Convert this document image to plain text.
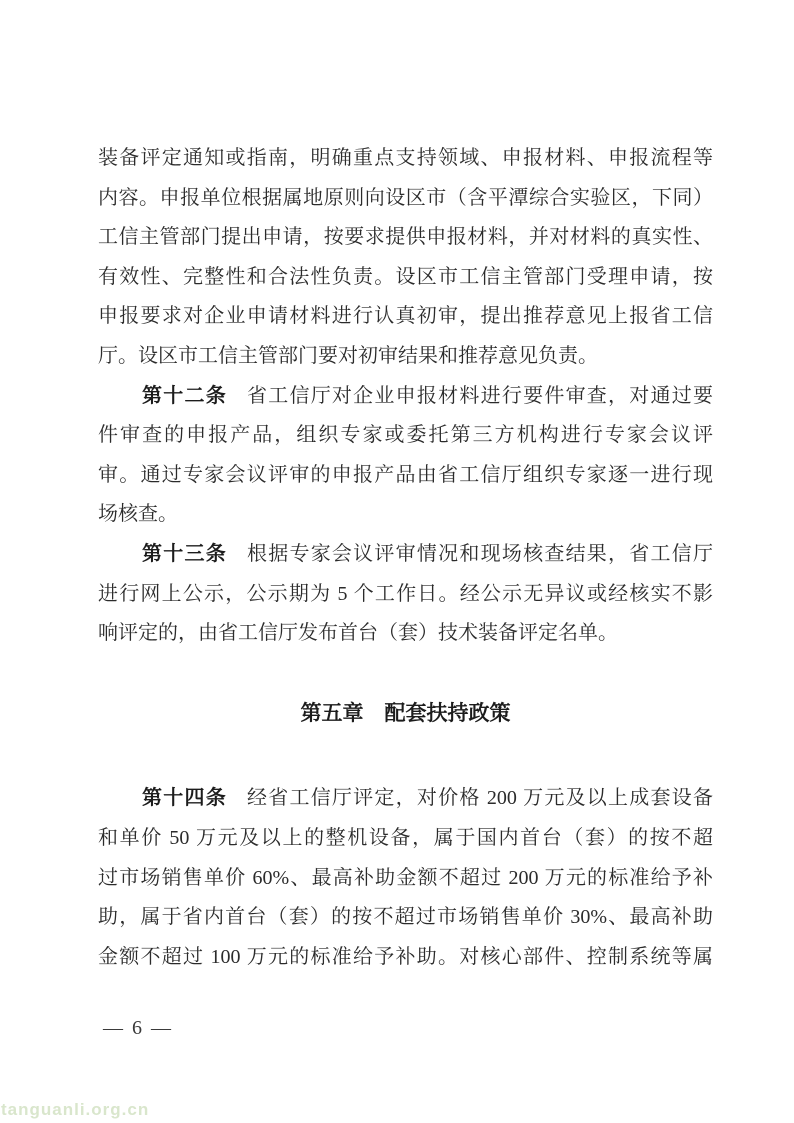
装备评定通知或指南，明确重点支持领域、申报材料、申报流程等
内容。申报单位根据属地原则向设区市（含平潭综合实验区，下同）
工信主管部门提出申请，按要求提供申报材料，并对材料的真实性、
有效性、完整性和合法性负责。设区市工信主管部门受理申请，按
申报要求对企业申请材料进行认真初审，提出推荐意见上报省工信
厅。设区市工信主管部门要对初审结果和推荐意见负责。
第十二条 省工信厅对企业申报材料进行要件审查，对通过要
件审查的申报产品，组织专家或委托第三方机构进行专家会议评
审。通过专家会议评审的申报产品由省工信厅组织专家逐一进行现
场核查。
第十三条 根据专家会议评审情况和现场核查结果，省工信厅
进行网上公示，公示期为 5 个工作日。经公示无异议或经核实不影
响评定的，由省工信厅发布首台（套）技术装备评定名单。
第五章 配套扶持政策
第十四条 经省工信厅评定，对价格 200 万元及以上成套设备
和单价 50 万元及以上的整机设备，属于国内首台（套）的按不超
过市场销售单价 60%、最高补助金额不超过 200 万元的标准给予补
助，属于省内首台（套）的按不超过市场销售单价 30%、最高补助
金额不超过 100 万元的标准给予补助。对核心部件、控制系统等属
— 6 —
tanguanli.org.cn
